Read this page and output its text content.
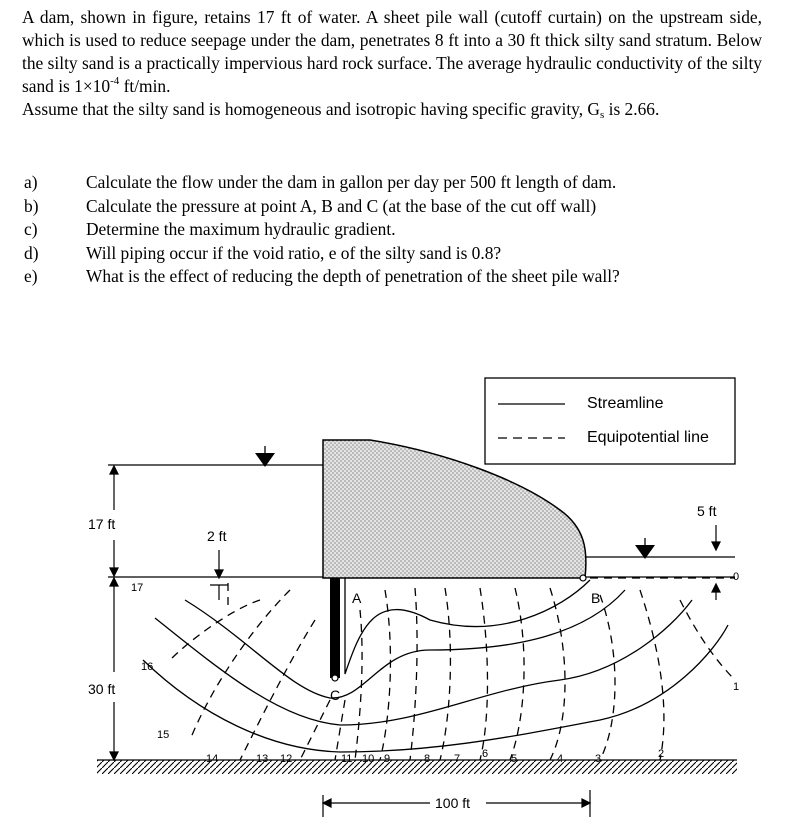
A dam, shown in figure, retains 17 ft of water. A sheet pile wall (cutoff curtain) on the upstream side, which is used to reduce seepage under the dam, penetrates 8 ft into a 30 ft thick silty sand stratum. Below the silty sand is a practically impervious hard rock surface. The average hydraulic conductivity of the silty sand is $1\times 10^{-4}$ ft/min.

Assume that the silty sand is homogeneous and isotropic having specific gravity, $G_s$ is 2.66.

a)	Calculate the flow under the dam in gallon per day per 500 ft length of dam.
b)	Calculate the pressure at point A, B and C (at the base of the cut off wall)
c)	Determine the maximum hydraulic gradient.
d)	Will piping occur if the void ratio, e of the silty sand is 0.8?
e)	What is the effect of reducing the depth of penetration of the sheet pile wall?
Streamline
Equipotential line
17 ft
30 ft
2 ft
5 ft
100 ft
A	B
C
17
16
15
14	13 12	11 10 9	8 7 6 5	4	3	2
1
0
